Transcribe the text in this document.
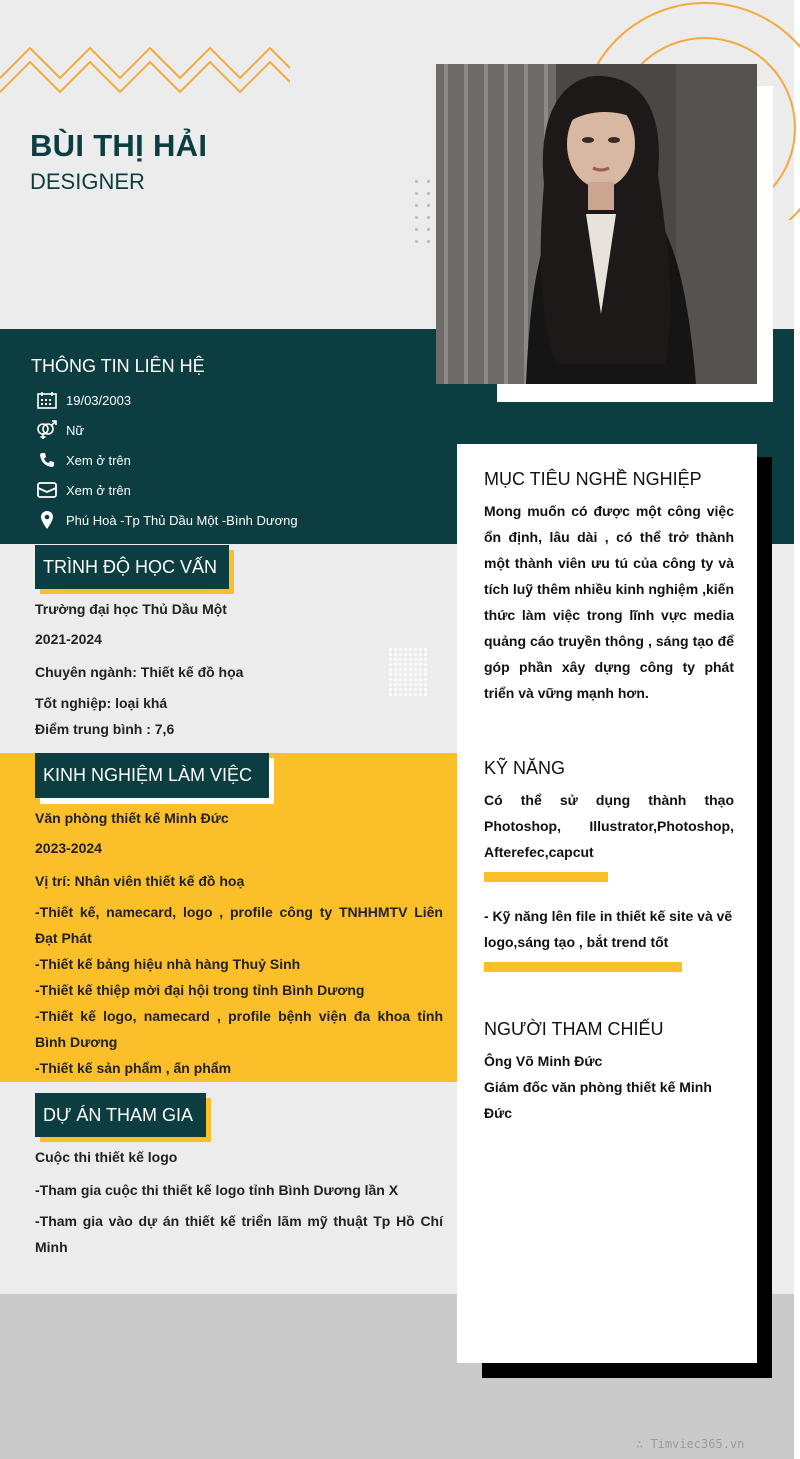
BÙI THỊ HẢI
DESIGNER
THÔNG TIN LIÊN HỆ
19/03/2003
Nữ
Xem ở trên
Xem ở trên
Phú Hoà -Tp Thủ Dầu Một -Bình Dương
MỤC TIÊU NGHỀ NGHIỆP
Mong muốn có được một công việc ổn định, lâu dài , có thể trở thành một thành viên ưu tú của công ty và tích luỹ thêm nhiều kinh nghiệm ,kiến thức làm việc trong lĩnh vực media quảng cáo truyền thông , sáng tạo để góp phần xây dựng công ty phát triển và vững mạnh hơn.
KỸ NĂNG
Có thể sử dụng thành thạo Photoshop, Illustrator,Photoshop, Afterefec,capcut
- Kỹ năng lên file in thiết kế site và vẽ logo,sáng tạo , bắt trend tốt
NGƯỜI THAM CHIẾU
Ông Võ Minh Đức
Giám đốc văn phòng thiết kế Minh Đức
TRÌNH ĐỘ HỌC VẤN
Trường đại học Thủ Dầu Một
2021-2024
Chuyên ngành: Thiết kế đồ họa
Tốt nghiệp: loại khá
Điểm trung bình : 7,6
KINH NGHIỆM LÀM VIỆC
Văn phòng thiết kế Minh Đức
2023-2024
Vị trí: Nhân viên thiết kế đồ hoạ
-Thiết kế, namecard, logo , profile công ty TNHHMTV Liên Đạt Phát
-Thiết kế bảng hiệu nhà hàng Thuỷ Sinh
-Thiết kế thiệp mời đại hội trong tỉnh Bình Dương
-Thiết kế logo, namecard , profile bệnh viện đa khoa tỉnh Bình Dương
-Thiết kế sản phẩm , ấn phẩm
DỰ ÁN THAM GIA
Cuộc thi thiết kế logo
-Tham gia cuộc thi thiết kế logo tỉnh Bình Dương lần X
-Tham gia vào dự án thiết kế triển lãm mỹ thuật Tp Hồ Chí Minh
∴ Timviec365.vn
